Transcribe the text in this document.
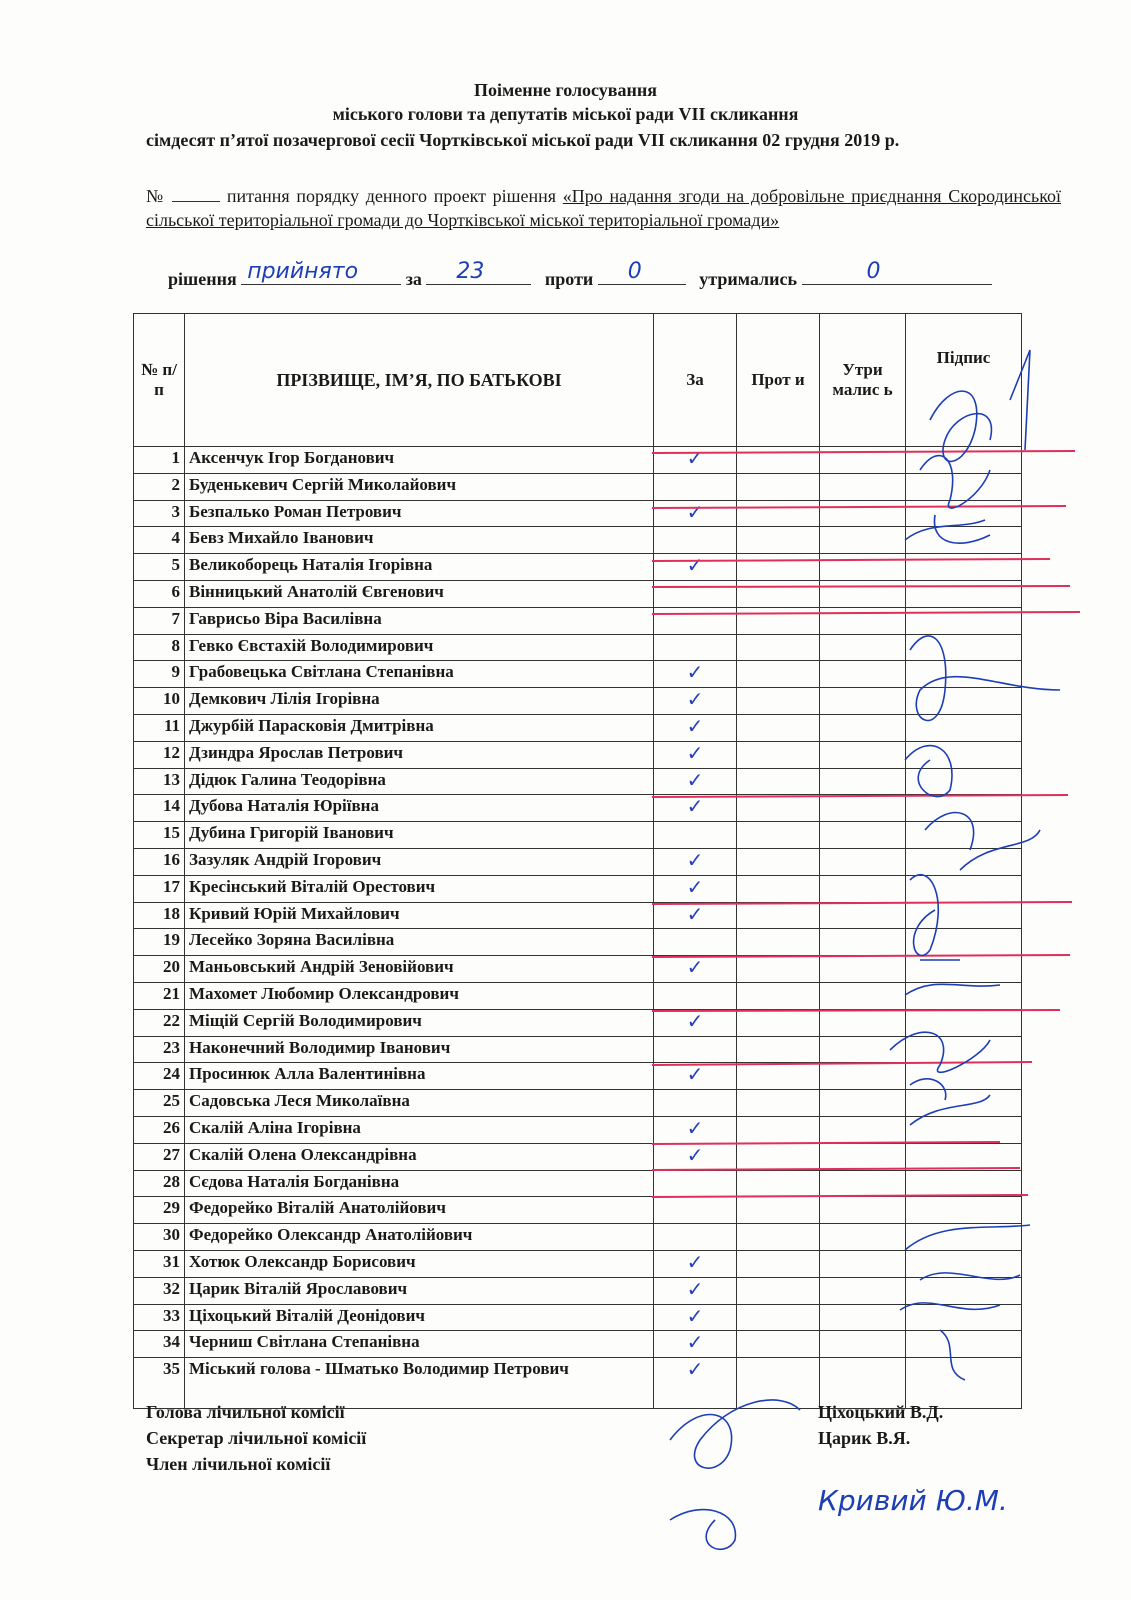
Поіменне голосування
міського голови та депутатів міської ради VII скликання
сімдесят п’ятої позачергової сесії Чортківської міської ради VII скликання 02 грудня 2019 р.
№	питання порядку денного проект рішення «Про надання згоди на добровільне приєднання Скородинської сільської територіальної громади до Чортківської міської територіальної громади»
рішення прийнято	за 23	проти 0	утримались	0
№ п/п	ПРІЗВИЩЕ, ІМ’Я, ПО БАТЬКОВІ	За	Прот и	Утри малис ь	Підпис
1	Аксенчук Ігор Богданович	✓			
2	Буденькевич Сергій Миколайович				
3	Безпалько Роман Петрович	✓			
4	Бевз Михайло Іванович				
5	Великоборець Наталія Ігорівна	✓			
6	Вінницький Анатолій Євгенович				
7	Гаврисьо Віра Василівна				
8	Гевко Євстахій Володимирович				
9	Грабовецька Світлана Степанівна	✓			
10	Демкович Лілія Ігорівна	✓			
11	Джурбій Парасковія Дмитрівна	✓			
12	Дзиндра Ярослав Петрович	✓			
13	Дідюк Галина Теодорівна	✓			
14	Дубова Наталія Юріївна	✓			
15	Дубина Григорій Іванович				
16	Зазуляк Андрій Ігорович	✓			
17	Кресінський Віталій Орестович	✓			
18	Кривий Юрій Михайлович	✓			
19	Лесейко Зоряна Василівна				
20	Маньовський Андрій Зеновійович	✓			
21	Махомет Любомир Олександрович				
22	Міщій Сергій Володимирович	✓			
23	Наконечний Володимир Іванович				
24	Просинюк Алла Валентинівна	✓			
25	Садовська Леся Миколаївна				
26	Скалій Аліна Ігорівна	✓			
27	Скалій Олена Олександрівна	✓			
28	Сєдова Наталія Богданівна				
29	Федорейко Віталій Анатолійович				
30	Федорейко Олександр Анатолійович				
31	Хотюк Олександр Борисович	✓			
32	Царик Віталій Ярославович	✓			
33	Ціхоцький Віталій Деонідович	✓			
34	Черниш Світлана Степанівна	✓			
35	Міський голова - Шматько Володимир Петрович	✓			
Кривий Ю.М.
Голова лічильної комісії
Секретар лічильної комісії
Член лічильної комісії
Ціхоцький В.Д.
Царик В.Я.
